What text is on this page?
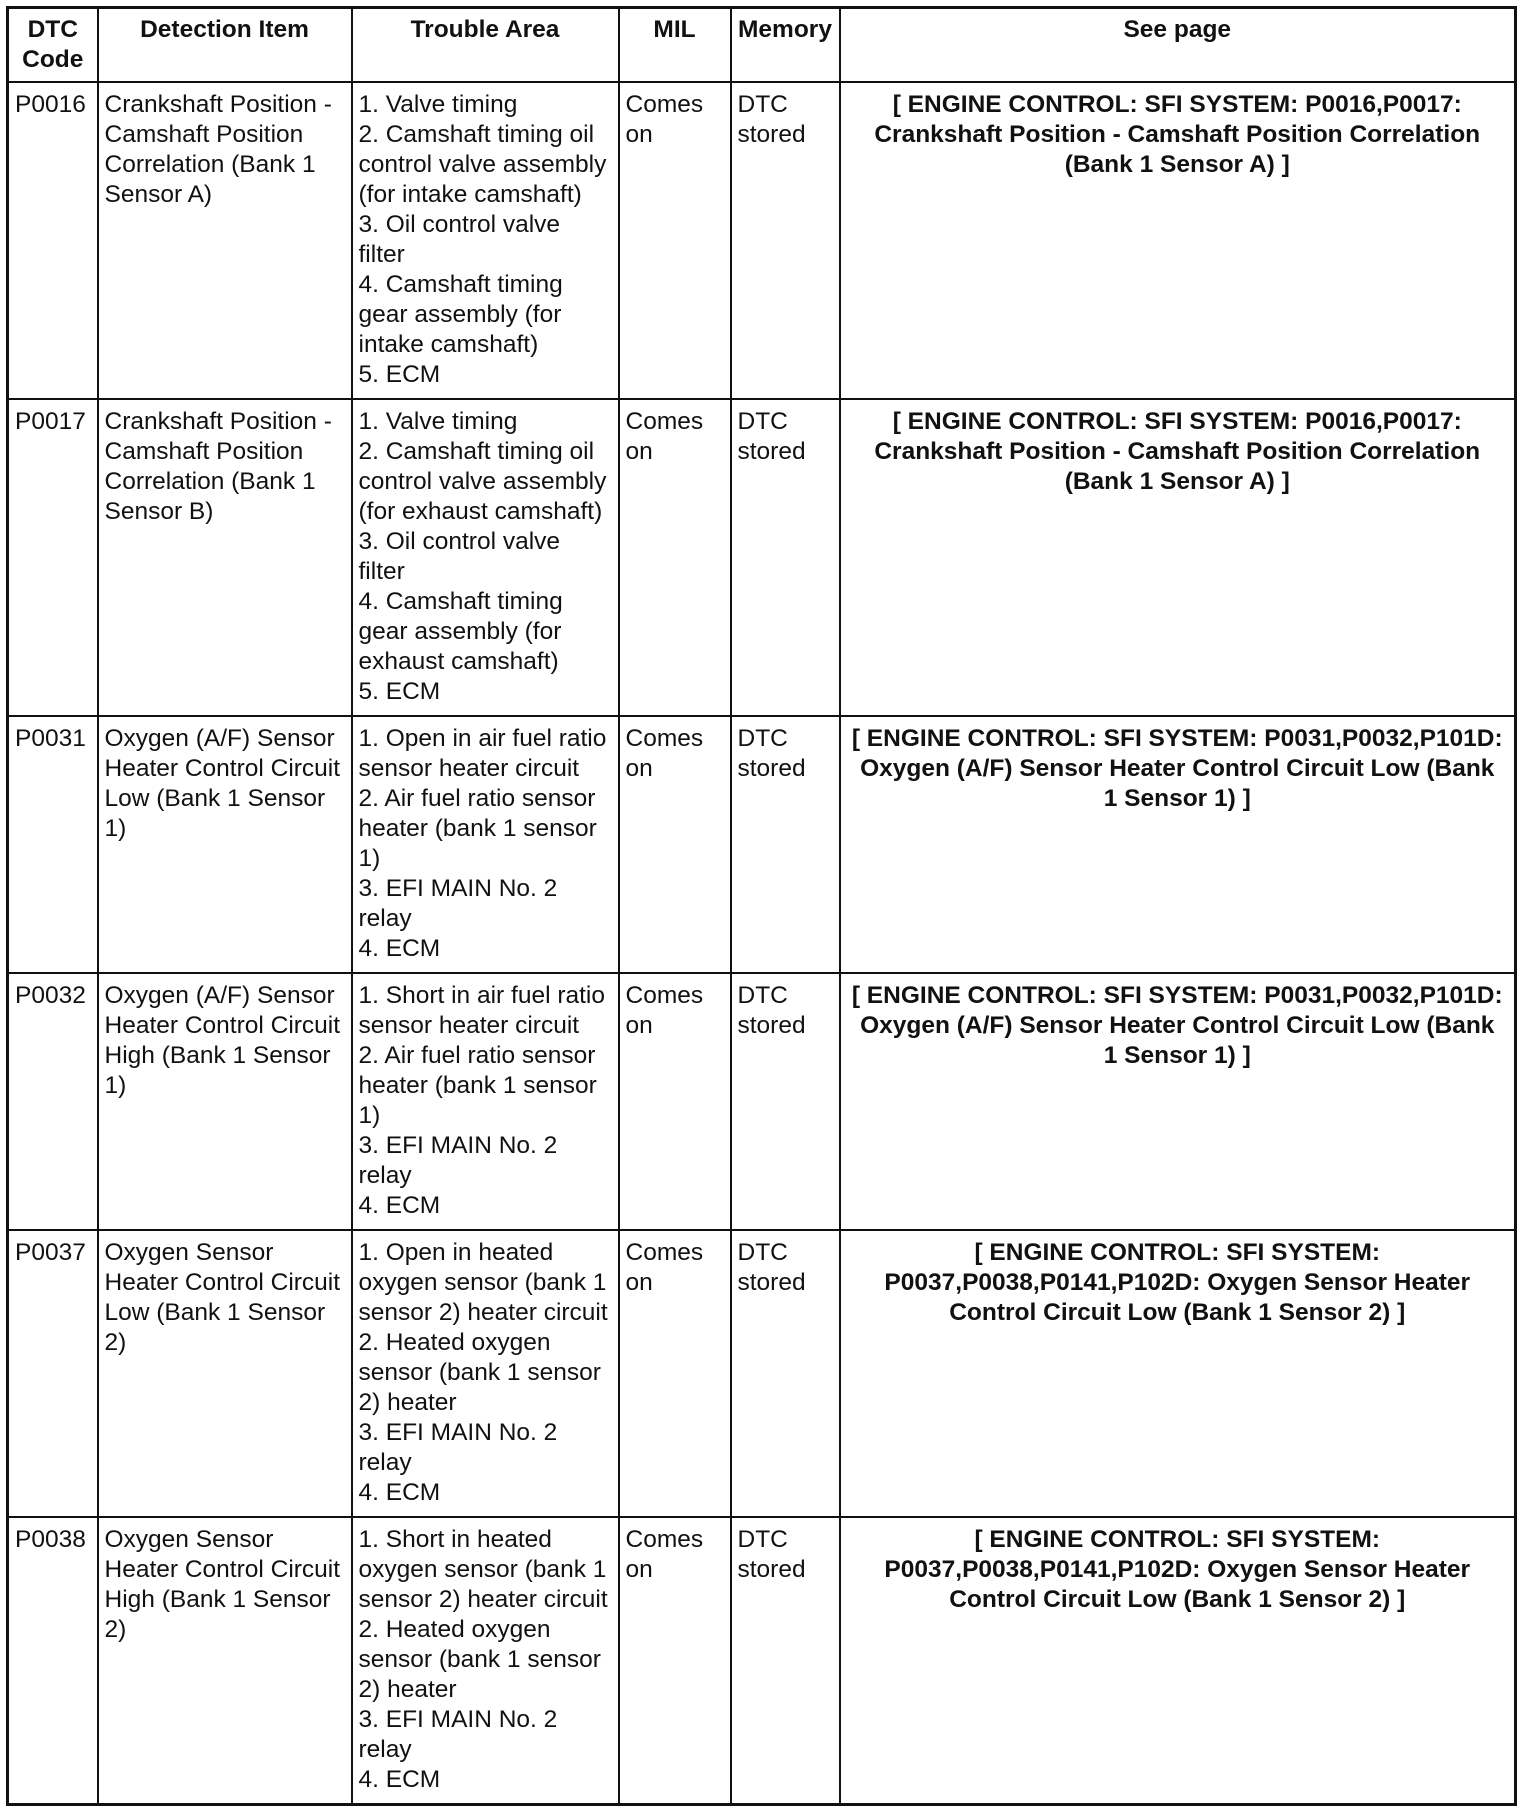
DTC Code	Detection Item	Trouble Area	MIL	Memory	See page
P0016	Crankshaft Position - Camshaft Position Correlation (Bank 1 Sensor A)	1. Valve timing
2. Camshaft timing oil control valve assembly (for intake camshaft)
3. Oil control valve filter
4. Camshaft timing gear assembly (for intake camshaft)
5. ECM	Comes on	DTC stored	[ ENGINE CONTROL: SFI SYSTEM: P0016,P0017: Crankshaft Position - Camshaft Position Correlation (Bank 1 Sensor A) ]
P0017	Crankshaft Position - Camshaft Position Correlation (Bank 1 Sensor B)	1. Valve timing
2. Camshaft timing oil control valve assembly (for exhaust camshaft)
3. Oil control valve filter
4. Camshaft timing gear assembly (for exhaust camshaft)
5. ECM	Comes on	DTC stored	[ ENGINE CONTROL: SFI SYSTEM: P0016,P0017: Crankshaft Position - Camshaft Position Correlation (Bank 1 Sensor A) ]
P0031	Oxygen (A/F) Sensor Heater Control Circuit Low (Bank 1 Sensor 1)	1. Open in air fuel ratio sensor heater circuit
2. Air fuel ratio sensor heater (bank 1 sensor 1)
3. EFI MAIN No. 2 relay
4. ECM	Comes on	DTC stored	[ ENGINE CONTROL: SFI SYSTEM: P0031,P0032,P101D: Oxygen (A/F) Sensor Heater Control Circuit Low (Bank 1 Sensor 1) ]
P0032	Oxygen (A/F) Sensor Heater Control Circuit High (Bank 1 Sensor 1)	1. Short in air fuel ratio sensor heater circuit
2. Air fuel ratio sensor heater (bank 1 sensor 1)
3. EFI MAIN No. 2 relay
4. ECM	Comes on	DTC stored	[ ENGINE CONTROL: SFI SYSTEM: P0031,P0032,P101D: Oxygen (A/F) Sensor Heater Control Circuit Low (Bank 1 Sensor 1) ]
P0037	Oxygen Sensor Heater Control Circuit Low (Bank 1 Sensor 2)	1. Open in heated oxygen sensor (bank 1 sensor 2) heater circuit
2. Heated oxygen sensor (bank 1 sensor 2) heater
3. EFI MAIN No. 2 relay
4. ECM	Comes on	DTC stored	[ ENGINE CONTROL: SFI SYSTEM: P0037,P0038,P0141,P102D: Oxygen Sensor Heater Control Circuit Low (Bank 1 Sensor 2) ]
P0038	Oxygen Sensor Heater Control Circuit High (Bank 1 Sensor 2)	1. Short in heated oxygen sensor (bank 1 sensor 2) heater circuit
2. Heated oxygen sensor (bank 1 sensor 2) heater
3. EFI MAIN No. 2 relay
4. ECM	Comes on	DTC stored	[ ENGINE CONTROL: SFI SYSTEM: P0037,P0038,P0141,P102D: Oxygen Sensor Heater Control Circuit Low (Bank 1 Sensor 2) ]
